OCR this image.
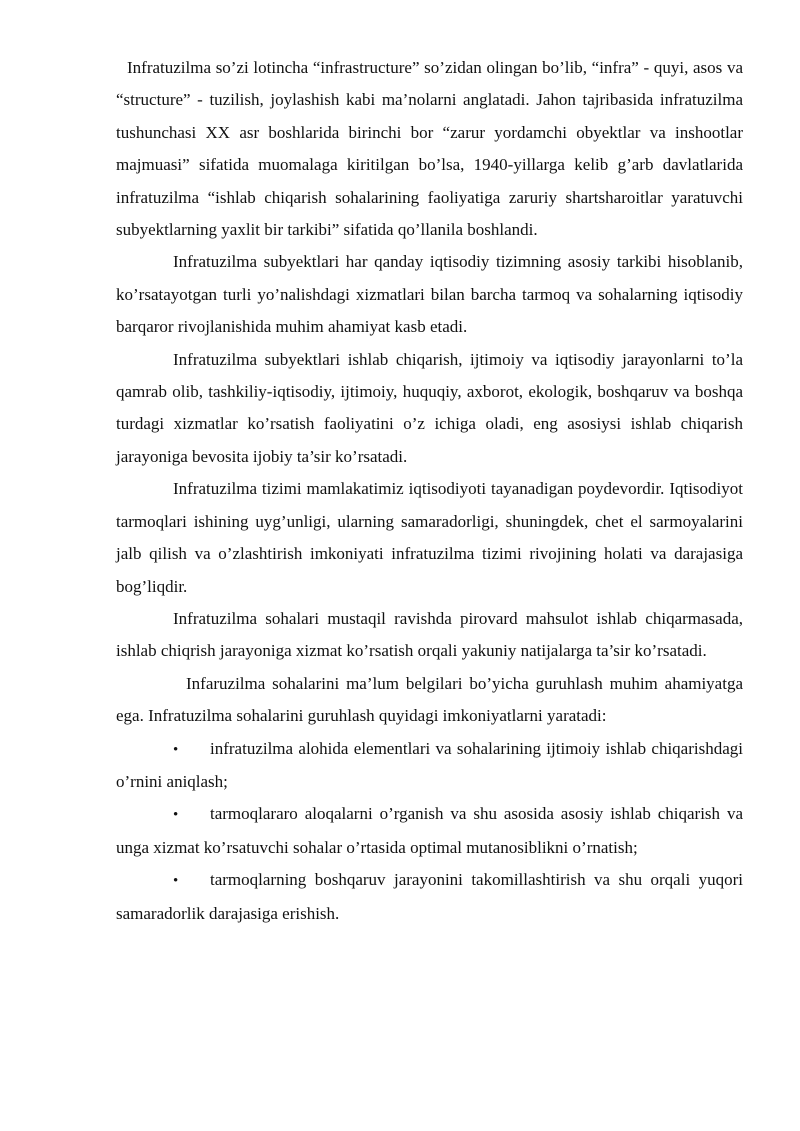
Infratuzilma so’zi lotincha “infrastructure” so’zidan olingan bo’lib, “infra” - quyi, asos va “structure” - tuzilish, joylashish kabi ma’nolarni anglatadi. Jahon tajribasida infratuzilma tushunchasi XX asr boshlarida birinchi bor “zarur yordamchi obyektlar va inshootlar majmuasi” sifatida muomalaga kiritilgan bo’lsa, 1940-yillarga kelib g’arb davlatlarida infratuzilma “ishlab chiqarish sohalarining faoliyatiga zaruriy shartsharoitlar yaratuvchi subyektlarning yaxlit bir tarkibi” sifatida qo’llanila boshlandi.

Infratuzilma subyektlari har qanday iqtisodiy tizimning asosiy tarkibi hisoblanib, ko’rsatayotgan turli yo’nalishdagi xizmatlari bilan barcha tarmoq va sohalarning iqtisodiy barqaror rivojlanishida muhim ahamiyat kasb etadi.

Infratuzilma subyektlari ishlab chiqarish, ijtimoiy va iqtisodiy jarayonlarni to’la qamrab olib, tashkiliy-iqtisodiy, ijtimoiy, huquqiy, axborot, ekologik, boshqaruv va boshqa turdagi xizmatlar ko’rsatish faoliyatini o’z ichiga oladi, eng asosiysi ishlab chiqarish jarayoniga bevosita ijobiy ta’sir ko’rsatadi.

Infratuzilma tizimi mamlakatimiz iqtisodiyoti tayanadigan poydevordir. Iqtisodiyot tarmoqlari ishining uyg’unligi, ularning samaradorligi, shuningdek, chet el sarmoyalarini jalb qilish va o’zlashtirish imkoniyati infratuzilma tizimi rivojining holati va darajasiga bog’liqdir.

Infratuzilma sohalari mustaqil ravishda pirovard mahsulot ishlab chiqarmasada, ishlab chiqrish jarayoniga xizmat ko’rsatish orqali yakuniy natijalarga ta’sir ko’rsatadi.

Infaruzilma sohalarini ma’lum belgilari bo’yicha guruhlash muhim ahamiyatga ega. Infratuzilma sohalarini guruhlash quyidagi imkoniyatlarni yaratadi:

• infratuzilma alohida elementlari va sohalarining ijtimoiy ishlab chiqarishdagi o’rnini aniqlash;

• tarmoqlararo aloqalarni o’rganish va shu asosida asosiy ishlab chiqarish va unga xizmat ko’rsatuvchi sohalar o’rtasida optimal mutanosiblikni o’rnatish;

• tarmoqlarning boshqaruv jarayonini takomillashtirish va shu orqali yuqori samaradorlik darajasiga erishish.
